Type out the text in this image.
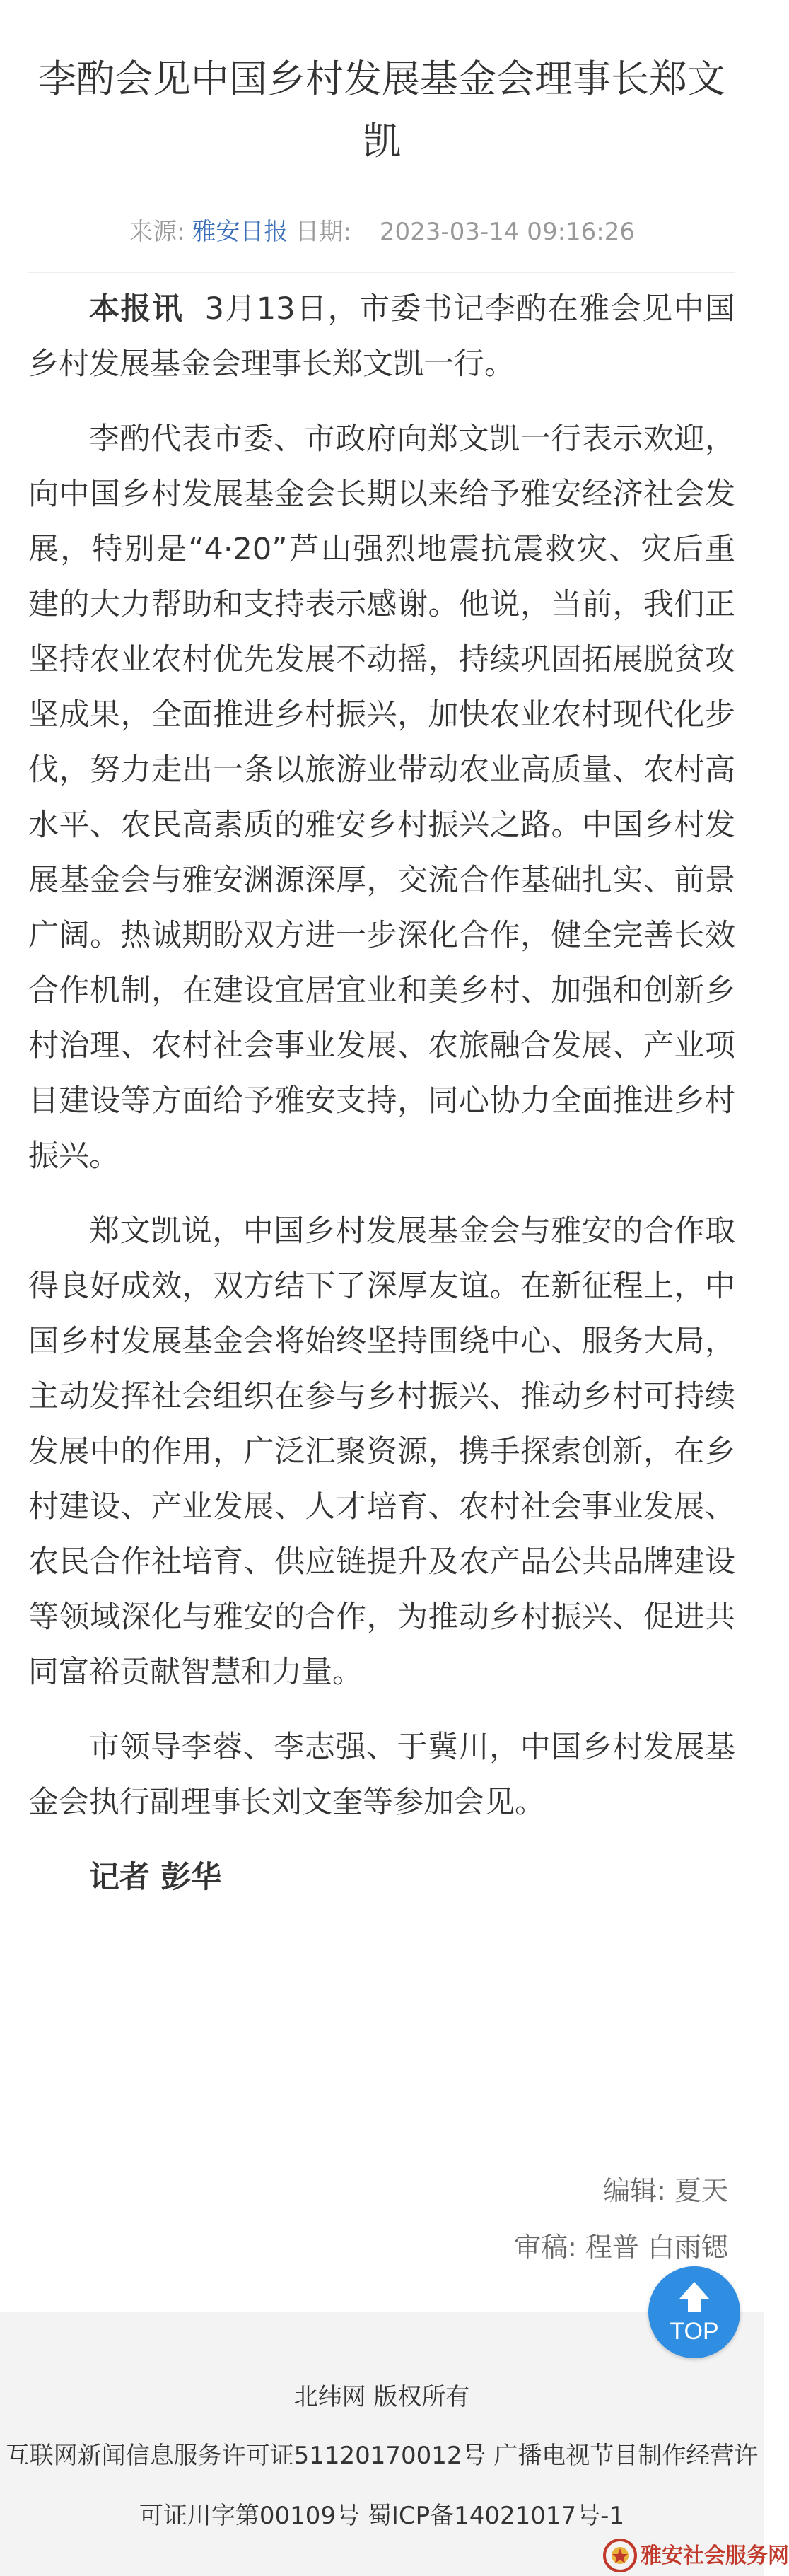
李酌会见中国乡村发展基金会理事长郑文凯
来源: 雅安日报 日期: 2023-03-14 09:16:26

本报讯 3月13日，市委书记李酌在雅会见中国乡村发展基金会理事长郑文凯一行。

李酌代表市委、市政府向郑文凯一行表示欢迎，向中国乡村发展基金会长期以来给予雅安经济社会发展，特别是“4·20”芦山强烈地震抗震救灾、灾后重建的大力帮助和支持表示感谢。他说，当前，我们正坚持农业农村优先发展不动摇，持续巩固拓展脱贫攻坚成果，全面推进乡村振兴，加快农业农村现代化步伐，努力走出一条以旅游业带动农业高质量、农村高水平、农民高素质的雅安乡村振兴之路。中国乡村发展基金会与雅安渊源深厚，交流合作基础扎实、前景广阔。热诚期盼双方进一步深化合作，健全完善长效合作机制，在建设宜居宜业和美乡村、加强和创新乡村治理、农村社会事业发展、农旅融合发展、产业项目建设等方面给予雅安支持，同心协力全面推进乡村振兴。

郑文凯说，中国乡村发展基金会与雅安的合作取得良好成效，双方结下了深厚友谊。在新征程上，中国乡村发展基金会将始终坚持围绕中心、服务大局，主动发挥社会组织在参与乡村振兴、推动乡村可持续发展中的作用，广泛汇聚资源，携手探索创新，在乡村建设、产业发展、人才培育、农村社会事业发展、农民合作社培育、供应链提升及农产品公共品牌建设等领域深化与雅安的合作，为推动乡村振兴、促进共同富裕贡献智慧和力量。

市领导李蓉、李志强、于冀川，中国乡村发展基金会执行副理事长刘文奎等参加会见。

记者 彭华

编辑: 夏天
审稿: 程普 白雨锶
北纬网 版权所有
互联网新闻信息服务许可证51120170012号 广播电视节目制作经营许
可证川字第00109号 蜀ICP备14021017号-1
TOP
雅安社会服务网
